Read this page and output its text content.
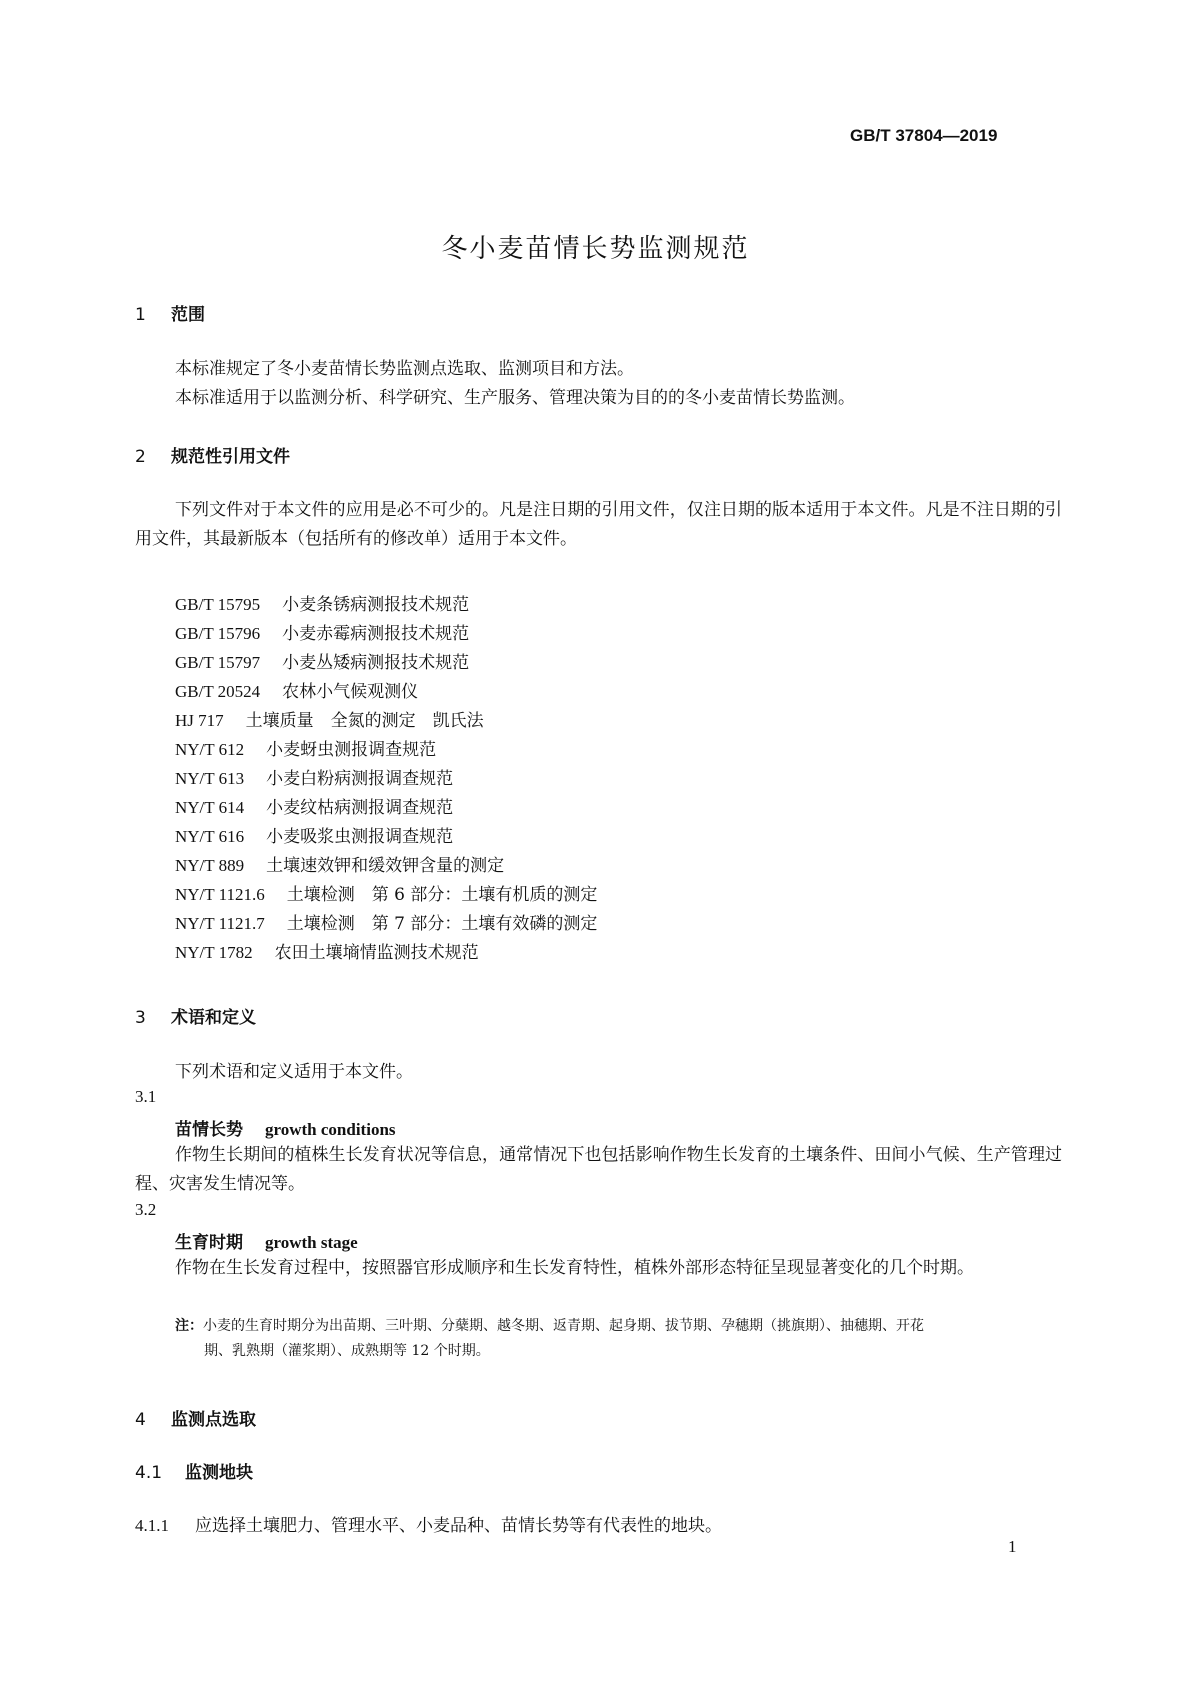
GB/T 37804—2019
冬小麦苗情长势监测规范
1 范围
本标准规定了冬小麦苗情长势监测点选取、监测项目和方法。
本标准适用于以监测分析、科学研究、生产服务、管理决策为目的的冬小麦苗情长势监测。
2 规范性引用文件
下列文件对于本文件的应用是必不可少的。凡是注日期的引用文件，仅注日期的版本适用于本文件。凡是不注日期的引用文件，其最新版本（包括所有的修改单）适用于本文件。
GB/T 15795 小麦条锈病测报技术规范
GB/T 15796 小麦赤霉病测报技术规范
GB/T 15797 小麦丛矮病测报技术规范
GB/T 20524 农林小气候观测仪
HJ 717 土壤质量　全氮的测定　凯氏法
NY/T 612 小麦蚜虫测报调查规范
NY/T 613 小麦白粉病测报调查规范
NY/T 614 小麦纹枯病测报调查规范
NY/T 616 小麦吸浆虫测报调查规范
NY/T 889 土壤速效钾和缓效钾含量的测定
NY/T 1121.6 土壤检测　第 6 部分：土壤有机质的测定
NY/T 1121.7 土壤检测　第 7 部分：土壤有效磷的测定
NY/T 1782 农田土壤墒情监测技术规范
3 术语和定义
下列术语和定义适用于本文件。
3.1
苗情长势 growth conditions
作物生长期间的植株生长发育状况等信息，通常情况下也包括影响作物生长发育的土壤条件、田间小气候、生产管理过程、灾害发生情况等。
3.2
生育时期 growth stage
作物在生长发育过程中，按照器官形成顺序和生长发育特性，植株外部形态特征呈现显著变化的几个时期。
注：小麦的生育时期分为出苗期、三叶期、分蘖期、越冬期、返青期、起身期、拔节期、孕穗期（挑旗期）、抽穗期、开花
期、乳熟期（灌浆期）、成熟期等 12 个时期。
4 监测点选取
4.1 监测地块
4.1.1 应选择土壤肥力、管理水平、小麦品种、苗情长势等有代表性的地块。
1
